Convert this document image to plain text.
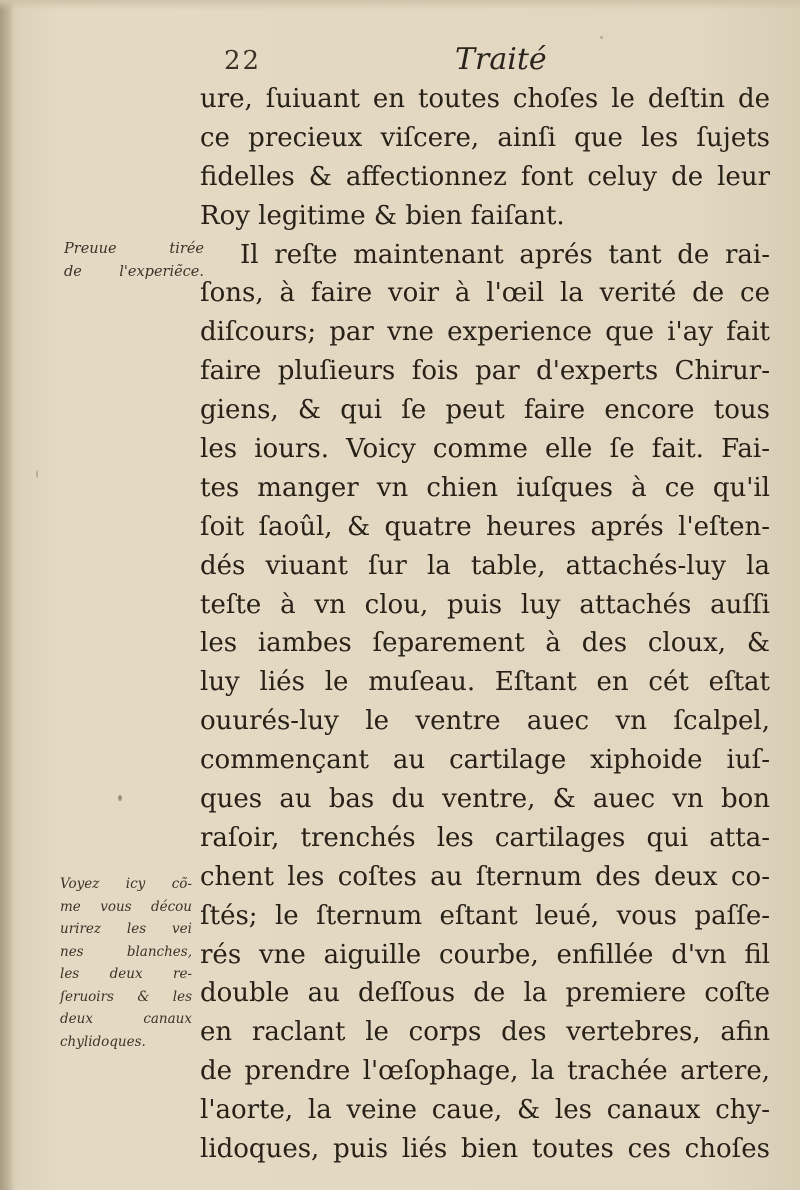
22	Traité
ure, ſuiuant en toutes choſes le deſtin de
ce precieux viſcere, ainſi que les ſujets
fidelles & affectionnez font celuy de leur
Roy legitime & bien faiſant.
Il reſte maintenant aprés tant de rai-
ſons, à faire voir à l'œil la verité de ce
diſcours; par vne experience que i'ay fait
faire pluſieurs fois par d'experts Chirur-
giens, & qui ſe peut faire encore tous
les iours. Voicy comme elle ſe fait. Fai-
tes manger vn chien iuſques à ce qu'il
ſoit ſaoûl, & quatre heures aprés l'eſten-
dés viuant ſur la table, attachés-luy la
teſte à vn clou, puis luy attachés auſſi
les iambes ſeparement à des cloux, &
luy liés le muſeau. Eſtant en cét eſtat
ouurés-luy le ventre auec vn ſcalpel,
commençant au cartilage xiphoide iuſ-
ques au bas du ventre, & auec vn bon
raſoir, trenchés les cartilages qui atta-
chent les coſtes au ſternum des deux co-
ſtés; le ſternum eſtant leué, vous paſſe-
rés vne aiguille courbe, enfillée d'vn fil
double au deſſous de la premiere coſte
en raclant le corps des vertebres, afin
de prendre l'œſophage, la trachée artere,
l'aorte, la veine caue, & les canaux chy-
lidoques, puis liés bien toutes ces choſes
Preuue tirée
de l'experiẽce.
Voyez icy cõ-
me vous décou
urirez les vei
nes blanches,
les deux re-
ſeruoirs & les
deux canaux
chylidoques.
